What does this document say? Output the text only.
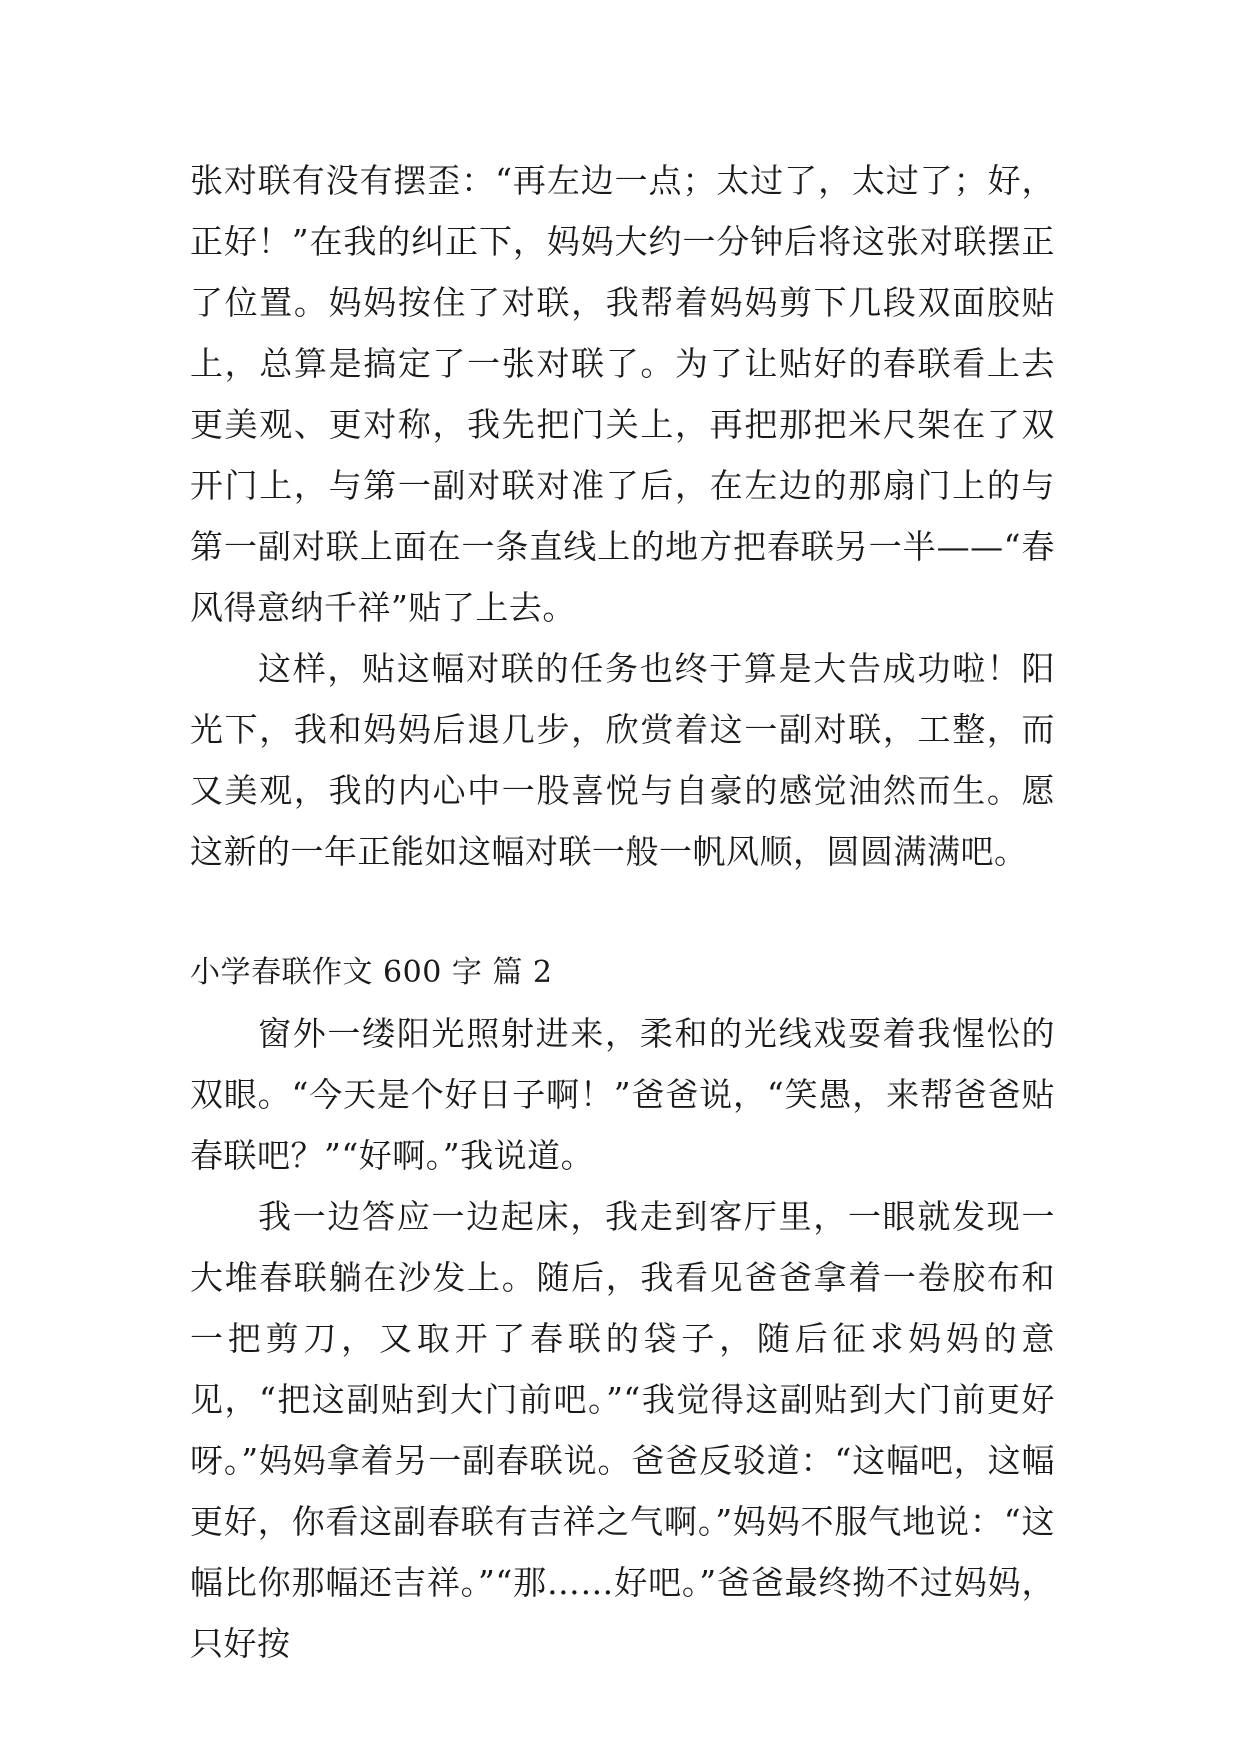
张对联有没有摆歪：“再左边一点；太过了，太过了；好，正好！”在我的纠正下，妈妈大约一分钟后将这张对联摆正了位置。妈妈按住了对联，我帮着妈妈剪下几段双面胶贴上，总算是搞定了一张对联了。为了让贴好的春联看上去更美观、更对称，我先把门关上，再把那把米尺架在了双开门上，与第一副对联对准了后，在左边的那扇门上的与第一副对联上面在一条直线上的地方把春联另一半——“春风得意纳千祥”贴了上去。

这样，贴这幅对联的任务也终于算是大告成功啦！阳光下，我和妈妈后退几步，欣赏着这一副对联，工整，而又美观，我的内心中一股喜悦与自豪的感觉油然而生。愿这新的一年正能如这幅对联一般一帆风顺，圆圆满满吧。

小学春联作文 600 字 篇 2

窗外一缕阳光照射进来，柔和的光线戏耍着我惺忪的双眼。“今天是个好日子啊！”爸爸说，“笑愚，来帮爸爸贴春联吧？”“好啊。”我说道。

我一边答应一边起床，我走到客厅里，一眼就发现一大堆春联躺在沙发上。随后，我看见爸爸拿着一卷胶布和一把剪刀，又取开了春联的袋子，随后征求妈妈的意见，“把这副贴到大门前吧。”“我觉得这副贴到大门前更好呀。”妈妈拿着另一副春联说。爸爸反驳道：“这幅吧，这幅更好，你看这副春联有吉祥之气啊。”妈妈不服气地说：“这幅比你那幅还吉祥。”“那……好吧。”爸爸最终拗不过妈妈，只好按
